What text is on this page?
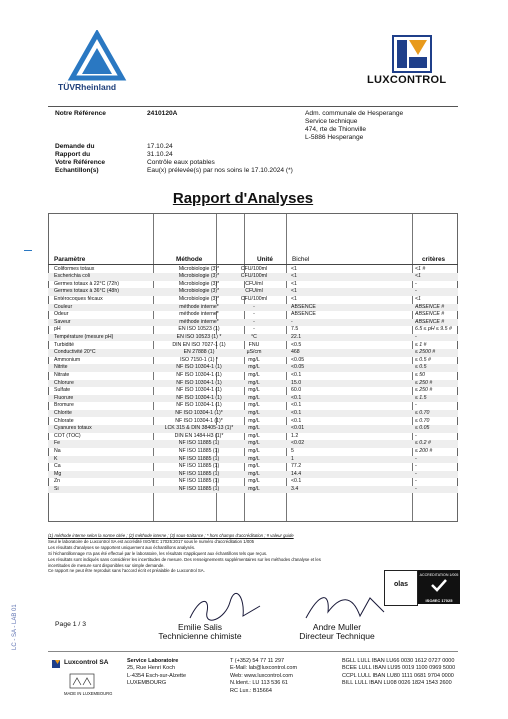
TÜVRheinland
LUXCONTROL
Notre Référence	2410120A	Adm. communale de Hesperange
Service technique
474, rte de Thionville
L-5886 Hesperange
Demande du	17.10.24
Rapport du	31.10.24
Votre Référence	Contrôle eaux potables
Echantillon(s)	Eau(x) prélevée(s) par nos soins le 17.10.2024 (*)
Rapport d'Analyses
Paramètre	Méthode	Unité	Bichel	critères
Coliformes totaux	Microbiologie (3)*	CFU/100ml	<1	<1 #
Escherichia coli	Microbiologie (3)*	CFU/100ml	<1	<1
Germes totaux à 22°C (72h)	Microbiologie (3)*	CFU/ml	<1	-
Germes totaux à 36°C (48h)	Microbiologie (3)*	CFU/ml	<1	-
Entérocoques fécaux	Microbiologie (3)*	CFU/100ml	<1	<1
Couleur	méthode interne*	-	ABSENCE	ABSENCE #
Odeur	méthode interne*	-	ABSENCE	ABSENCE #
Saveur	méthode interne*	-	-	ABSENCE #
pH	EN ISO 10523 (1)	-	7.5	6.5 ≤ pH ≤ 9.5 #
Température (mesure pH)	EN ISO 10523 (1) *	°C	22.1	-
Turbidité	DIN EN ISO 7027-1 (1)	FNU	<0.5	≤ 1 #
Conductivité 20°C	EN 27888 (1)	µS/cm	468	≤ 2500 #
Ammonium	ISO 7150-1 (1) *	mg/L	<0.05	≤ 0.5 #
Nitrite	NF ISO 10304-1 (1)	mg/L	<0.05	≤ 0.5
Nitrate	NF ISO 10304-1 (1)	mg/L	<0.1	≤ 50
Chlorure	NF ISO 10304-1 (1)	mg/L	15.0	≤ 250 #
Sulfate	NF ISO 10304-1 (1)	mg/L	60.0	≤ 250 #
Fluorure	NF ISO 10304-1 (1)	mg/L	<0.1	≤ 1.5
Bromure	NF ISO 10304-1 (1)	mg/L	<0.1	-
Chlorite	NF ISO 10304-1 (1)*	mg/L	<0.1	≤ 0.70
Chlorate	NF ISO 10304-1 (1)*	mg/L	<0.1	≤ 0.70
Cyanures totaux	LCK 315 & DIN 38405-13 (1)*	mg/L	<0.01	≤ 0.05
COT (TOC)	DIN EN 1484-H3 (1)*	mg/L	1.2	-
Fe	NF ISO 11885 (1)	mg/L	<0.02	≤ 0.2 #
Na	NF ISO 11885 (1)	mg/L	5	≤ 200 #
K	NF ISO 11885 (1)	mg/L	1	-
Ca	NF ISO 11885 (1)	mg/L	77.2	-
Mg	NF ISO 11885 (1)	mg/L	14.4	-
Zn	NF ISO 11885 (1)	mg/L	<0.1	-
Si	NF ISO 11885 (1)	mg/L	3.4	-
(1) méthode interne selon la norme citée ; (2) méthode interne ; (3) sous-traitance ; * hors champs d'accréditation ; # valeur guide
Seul le laboratoire de Luxcontrol SA est accrédité ISO/IEC 17025:2017 sous le numéro d'accréditation 1/005
Les résultats d'analyses se rapportent uniquement aux échantillons analysés.
Si l'échantillonnage n'a pas été effectué par le laboratoire, les résultats s'appliquent aux échantillons tels que reçus.
Les résultats sont indiqués sans considérer les incertitudes de mesure. Des renseignements supplémentaires sur les méthodes d'analyse et les
incertitudes de mesure sont disponibles sur simple demande.
Ce rapport ne peut être reproduit sans l'accord écrit et préalable de Luxcontrol SA.
olas
ACCREDITATION 1/005
ISO/IEC 17025
Page 1 / 3	Emilie Salis
Technicienne chimiste
Andre Muller
Directeur Technique
Luxcontrol SA
MADE IN LUXEMBOURG
Service Laboratoire
25, Rue Henri Koch
L-4354 Esch-sur-Alzette
LUXEMBOURG
T (+352) 54 77 11 297
E-Mail: lab@luxcontrol.com
Web: www.luxcontrol.com
N.Ident.: LU 113 536 61
RC Lux.: B15664
BGLL LULL IBAN LU66 0030 1612 0727 0000
BCEE LULL IBAN LU95 0019 1100 0969 5000
CCPL LULL IBAN LU80 1111 0681 9704 0000
BILL LULL IBAN LU08 0026 1824 1543 2600
LC - SA - LAB 01
